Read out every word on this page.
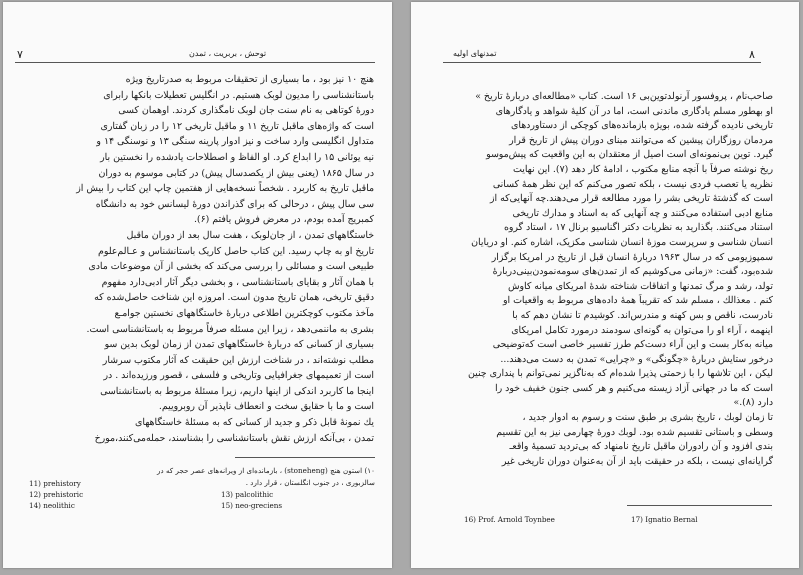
۷	توحش ، بربریت ، تمدن
هنچ ۱۰ نیز بود ، ما بسیاری از تحقیقات مربوط به صدرتاریخ ویژه
باستانشناسی را مدیون لوبک هستیم. در انگلیس تعطیلات بانکها رابرای
دورهٔ کوتاهی به نام سنت جان لوبک نامگذاری کردند. اوهمان کسی
است که واژه‌های ماقبل تاریخ ۱۱ و ماقبل تاریخی ۱۲ را در زبان گفتاری
متداول انگلیسی وارد ساخت و نیز ادوار پارینه سنگی ۱۳ و نوسنگی ۱۴ و
نیه یوئانی ۱۵ را ابداع کرد. او الفاظ و اصطلاحات یادشده را نخستین بار
در سال ۱۸۶۵ (یعنی بیش از یکصدسال پیش) در کتابی موسوم به دوران
ماقبل تاریخ به کاربرد . شخصاً نسخه‌هایی از هفتمین چاپ این کتاب را بیش از
سی سال پیش ، درحالی که برای گذراندن دورهٔ لیسانس خود به دانشگاه
کمبریج آمده بودم، در معرض فروش یافتم (۶).
خاستگاههای تمدن ، از جان‌لوبک ، هفت سال بعد از دوران ماقبل
تاریخ او به چاپ رسید. این کتاب حاصل کاریک باستانشناس و عـالم‌علوم
طبیعی است و مسائلی را بررسی می‌کند که بخشی از آن موضوعات مادی
با همان آثار و بقایای باستانشناسی ، و بخشی دیگر آثار ادبی‌دارد مفهوم
دقیق تاریخی، همان تاریخ مدون است. امروزه این شناخت حاصل‌شده که
مآخذ مکتوب کوچکترین اطلاعی دربارهٔ خاستگاههای نخستین جوامـع
بشری به ماننمی‌دهد ، زیرا این مسئله صرفاً مربوط به باستانشناسی است.
بسیاری از کسانی که دربارهٔ خاستگاههای تمدن از زمان لوبک بدین سو
مطلب نوشته‌اند ، در شناخت ارزش این حقیقت که آثار مکتوب سرشار
است از تعمیمهای جغرافیایی وتاریخی و فلسفی ، قصور ورزیده‌اند . در
اینجا ما کاربرد اندکی از اینها داریم، زیرا مسئلهٔ مربوط به باستانشناسی
است و ما با حقایق سخت و انعطاف ناپذیر آن روبروییم.
یك نمونهٔ قابل ذکر و جدید از کسانی که به مسئلهٔ خاستگاههای
تمدن ، بی‌آنکه ارزش نقش باستانشناسی را بشناسند، حمله‌می‌کنند،مورخ
۱۰) استون هنچ (stoneheng) ، بازمانده‌ای از ویرانه‌های عصر حجر که در
سالزبوری ، در جنوب انگلستان ، قرار دارد .
11) prehistory
12) prehistoric	13) palcolithic
14) neolithic	15) neo-greciens
۸
تمدنهای اولیه
صاحب‌نام ، پروفسور آرنولدتوین‌بی ۱۶ است. کتاب «مطالعه‌ای دربارهٔ تاریخ »
او بهطور مسلم یادگاری ماندنی است، اما در آن کلیهٔ شواهد و یادگارهای
تاریخی نادیده گرفته شده، بویژه بازمانده‌های کوچکی از دستاوردهای
مردمان روزگاران پیشین که می‌توانند مبنای دوران پیش از تاریخ قرار
گیرد. توین بی‌نمونه‌ای است اصیل از معتقدان به این واقعیت که پیش‌موسو
ریخ نوشته صرفاً با آنچه منابع مکتوب ، ادامهٔ کار دهد (۷). این نهایت
نظریه یا تعصب فردی نیست ، بلکه تصور می‌کنم که این نظر همهٔ کسانی
است که گذشتهٔ تاریخی بشر را مورد مطالعه قرار می‌دهند.چه آنهایی‌که از
منابع ادبی استفاده می‌کنند و چه آنهایی که به اسناد و مدارك تاریخی
استناد می‌کنند. بگذارید به نظریات دکتر اگناسیو برنال ۱۷ ، استاد گروه
انسان شناسی و سرپرست موزهٔ انسان شناسی مکزیک، اشاره کنم. او دریایان
سمپوزیومی که در سال ۱۹۶۳ دربارهٔ انسان قبل از تاریخ در امریکا برگزار
شده‌بود، گفت: «زمانی می‌کوشیم که از تمدن‌های سومه‌نمودن‌بینی‌دربارهٔ
تولد، رشد و مرگ تمدنها و اتفاقات شناخته شدهٔ امریکای میانه کاوش
کنم . معذالك ، مسلم شد که تقریباً همهٔ داده‌های مربوط به واقعیات او
نادرست، ناقص و بس کهنه و مندرس‌اند. کوشیدم تا نشان دهم که با
اینهمه ، آراء او را می‌توان به گونه‌ای سودمند درمورد تکامل امریکای
میانه به‌کار بست و این آراء دست‌کم طرز تفسیر خاصی است که‌توضیحی
درخور ستایش دربارهٔ «چگونگی» و «چرایی» تمدن به دست می‌دهند...
لیکن ، این تلاشها را با زحمتی پذیرا شده‌ام که به‌ناگزیر نمی‌توانم با پنداری چنین
است که ما در جهانی آزاد زیسته می‌کنیم و هر کسی جنون خفیف خود را
دارد (۸).»
تا زمان لوبك ، تاریخ بشری بر طبق سنت و رسوم به ادوار جدید ،
وسطی و باستانی تقسیم شده بود. لوبك دورهٔ چهارمی نیز به این تقسیم
بندی افزود و آن رادوران ماقبل تاریخ نامنهاد که بی‌تردید تسمیهٔ واقعـ
گرایانه‌ای نیست ، بلکه در حقیقت باید از آن به‌عنوان دوران تاریخی غیر
16) Prof. Arnold Toynbee	17) Ignatio Bernal
